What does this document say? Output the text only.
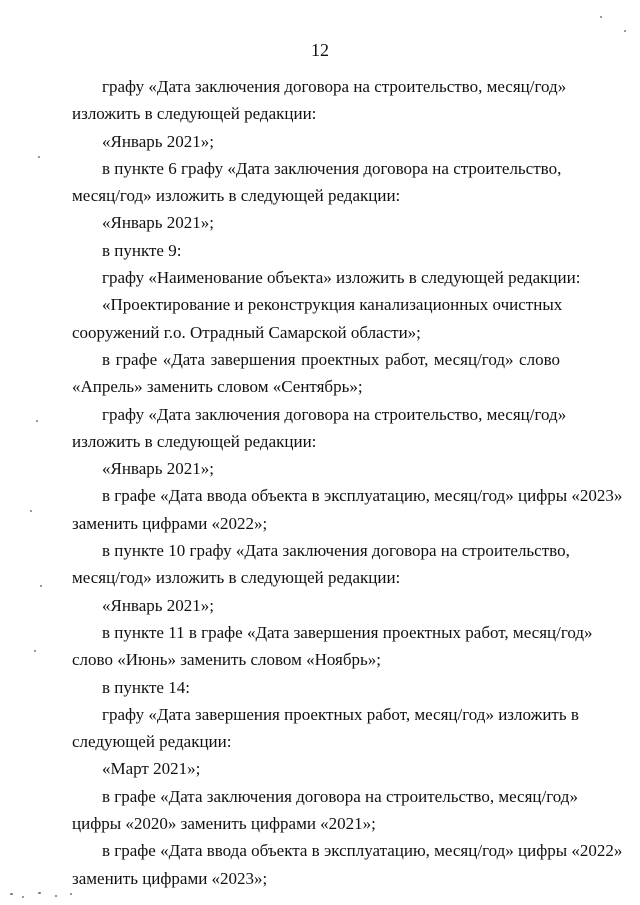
12
графу «Дата заключения договора на строительство, месяц/год»
изложить в следующей редакции:
«Январь 2021»;
в пункте 6 графу «Дата заключения договора на строительство,
месяц/год» изложить в следующей редакции:
«Январь 2021»;
в пункте 9:
графу «Наименование объекта» изложить в следующей редакции:
«Проектирование и реконструкция канализационных очистных
сооружений г.о. Отрадный Самарской области»;
в графе «Дата завершения проектных работ, месяц/год» слово
«Апрель» заменить словом «Сентябрь»;
графу «Дата заключения договора на строительство, месяц/год»
изложить в следующей редакции:
«Январь 2021»;
в графе «Дата ввода объекта в эксплуатацию, месяц/год» цифры «2023»
заменить цифрами «2022»;
в пункте 10 графу «Дата заключения договора на строительство,
месяц/год» изложить в следующей редакции:
«Январь 2021»;
в пункте 11 в графе «Дата завершения проектных работ, месяц/год»
слово «Июнь» заменить словом «Ноябрь»;
в пункте 14:
графу «Дата завершения проектных работ, месяц/год» изложить в
следующей редакции:
«Март 2021»;
в графе «Дата заключения договора на строительство, месяц/год»
цифры «2020» заменить цифрами «2021»;
в графе «Дата ввода объекта в эксплуатацию, месяц/год» цифры «2022»
заменить цифрами «2023»;
